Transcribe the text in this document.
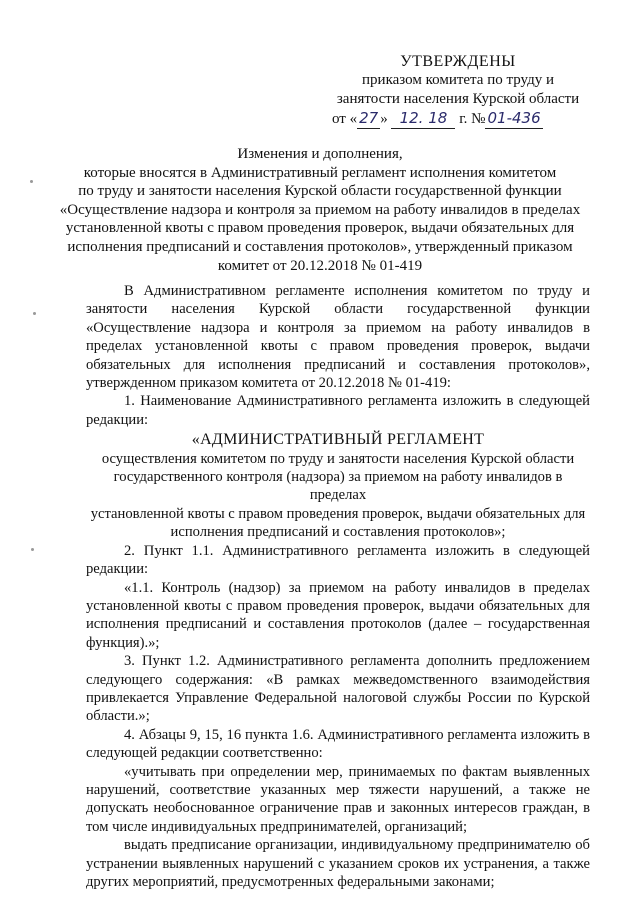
УТВЕРЖДЕНЫ
приказом комитета по труду и
занятости населения Курской области
от « 27 » 12. 18 г. № 01-436
Изменения и дополнения,
которые вносятся в Административный регламент исполнения комитетом
по труду и занятости населения Курской области государственной функции
«Осуществление надзора и контроля за приемом на работу инвалидов в пределах
установленной квоты с правом проведения проверок, выдачи обязательных для
исполнения предписаний и составления протоколов», утвержденный приказом
комитет от 20.12.2018 № 01-419

В Административном регламенте исполнения комитетом по труду и занятости населения Курской области государственной функции «Осуществление надзора и контроля за приемом на работу инвалидов в пределах установленной квоты с правом проведения проверок, выдачи обязательных для исполнения предписаний и составления протоколов», утвержденном приказом комитета от 20.12.2018 № 01-419:

1. Наименование Административного регламента изложить в следующей редакции:

«АДМИНИСТРАТИВНЫЙ РЕГЛАМЕНТ

осуществления комитетом по труду и занятости населения Курской области

государственного контроля (надзора) за приемом на работу инвалидов в пределах

установленной квоты с правом проведения проверок, выдачи обязательных для

исполнения предписаний и составления протоколов»;

2. Пункт 1.1. Административного регламента изложить в следующей редакции:

«1.1. Контроль (надзор) за приемом на работу инвалидов в пределах установленной квоты с правом проведения проверок, выдачи обязательных для исполнения предписаний и составления протоколов (далее – государственная функция).»;

3. Пункт 1.2. Административного регламента дополнить предложением следующего содержания: «В рамках межведомственного взаимодействия привлекается Управление Федеральной налоговой службы России по Курской области.»;

4. Абзацы 9, 15, 16 пункта 1.6. Административного регламента изложить в следующей редакции соответственно:

«учитывать при определении мер, принимаемых по фактам выявленных нарушений, соответствие указанных мер тяжести нарушений, а также не допускать необоснованное ограничение прав и законных интересов граждан, в том числе индивидуальных предпринимателей, организаций;

выдать предписание организации, индивидуальному предпринимателю об устранении выявленных нарушений с указанием сроков их устранения, а также других мероприятий, предусмотренных федеральными законами;
